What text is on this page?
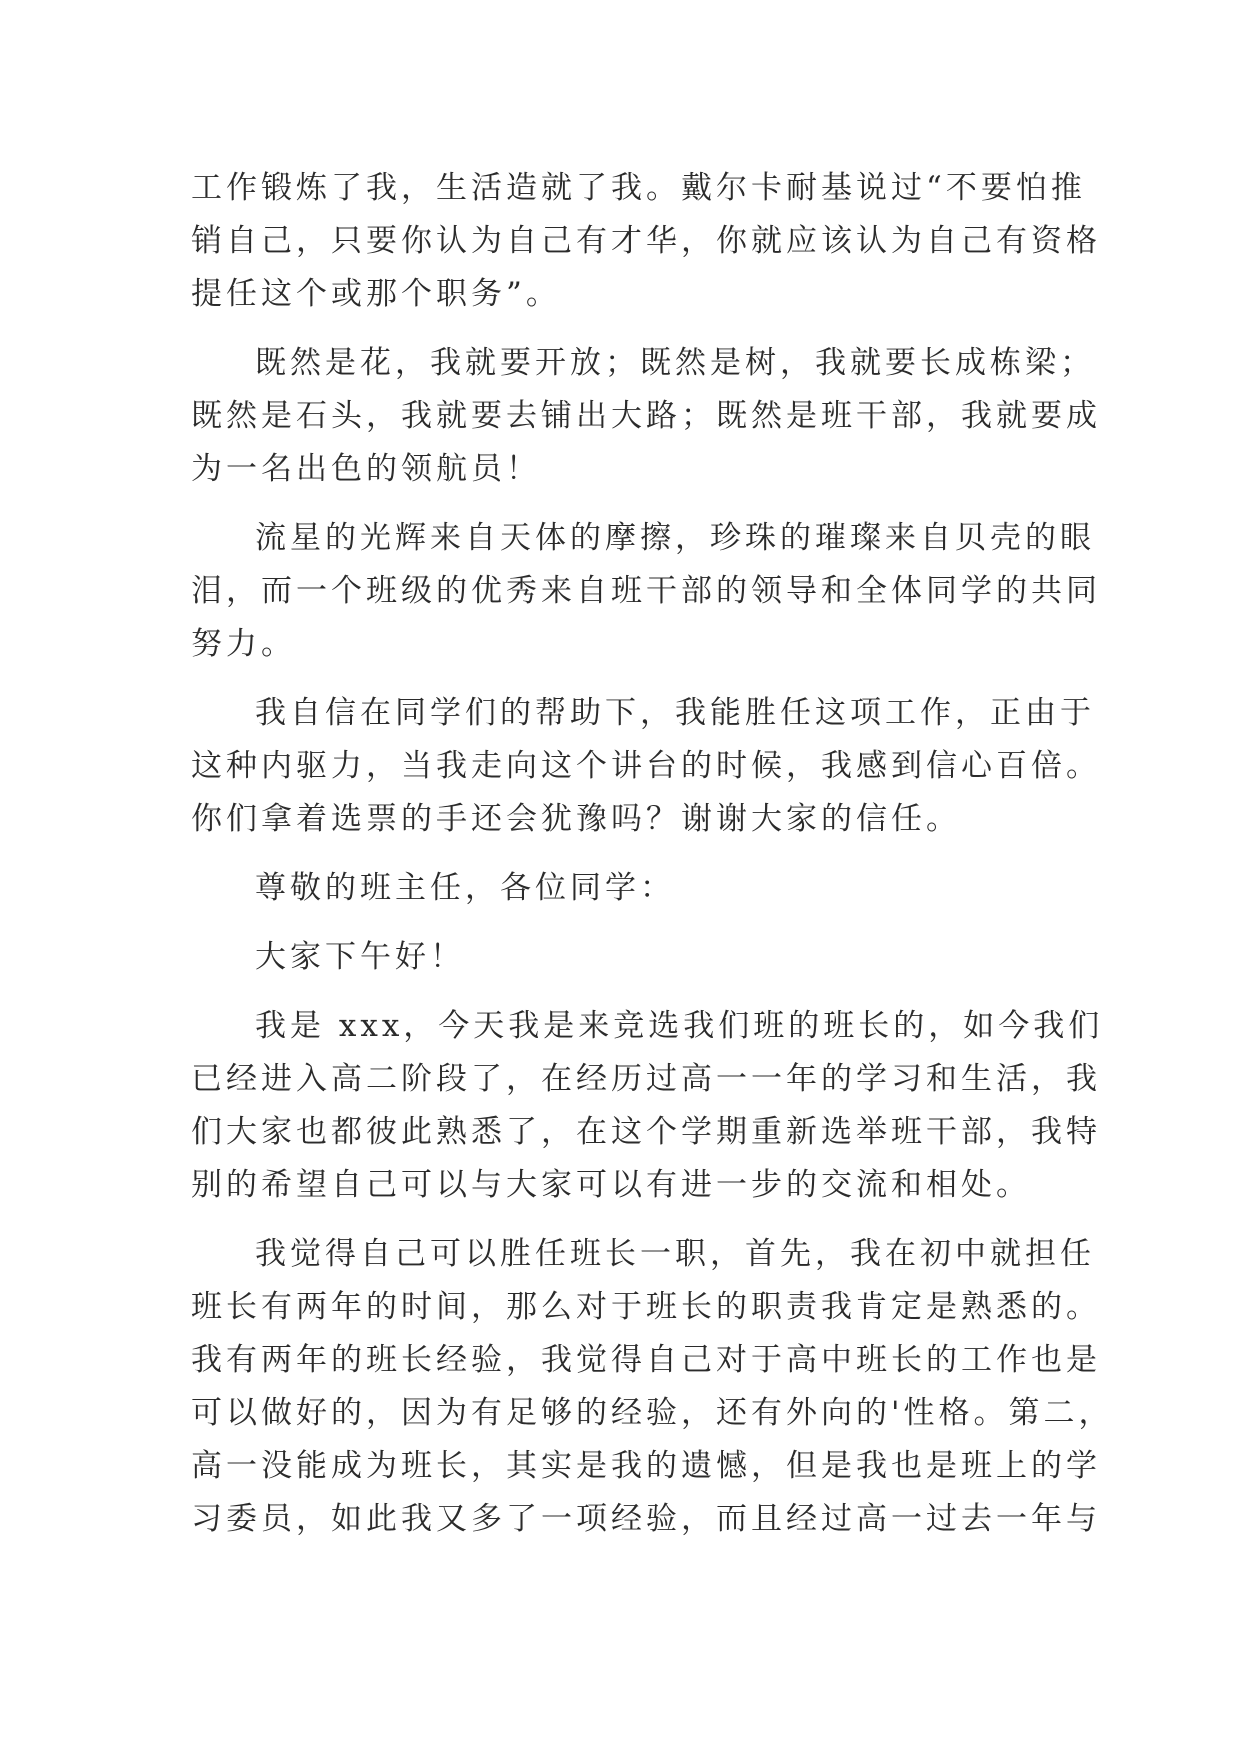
工作锻炼了我，生活造就了我。戴尔卡耐基说过“不要怕推
销自己，只要你认为自己有才华，你就应该认为自己有资格
提任这个或那个职务”。
既然是花，我就要开放；既然是树，我就要长成栋梁；
既然是石头，我就要去铺出大路；既然是班干部，我就要成
为一名出色的领航员！
流星的光辉来自天体的摩擦，珍珠的璀璨来自贝壳的眼
泪，而一个班级的优秀来自班干部的领导和全体同学的共同
努力。
我自信在同学们的帮助下，我能胜任这项工作，正由于
这种内驱力，当我走向这个讲台的时候，我感到信心百倍。
你们拿着选票的手还会犹豫吗？谢谢大家的信任。
尊敬的班主任，各位同学：
大家下午好！
我是 xxx，今天我是来竞选我们班的班长的，如今我们
已经进入高二阶段了，在经历过高一一年的学习和生活，我
们大家也都彼此熟悉了，在这个学期重新选举班干部，我特
别的希望自己可以与大家可以有进一步的交流和相处。
我觉得自己可以胜任班长一职，首先，我在初中就担任
班长有两年的时间，那么对于班长的职责我肯定是熟悉的。
我有两年的班长经验，我觉得自己对于高中班长的工作也是
可以做好的，因为有足够的经验，还有外向的'性格。第二，
高一没能成为班长，其实是我的遗憾，但是我也是班上的学
习委员，如此我又多了一项经验，而且经过高一过去一年与
